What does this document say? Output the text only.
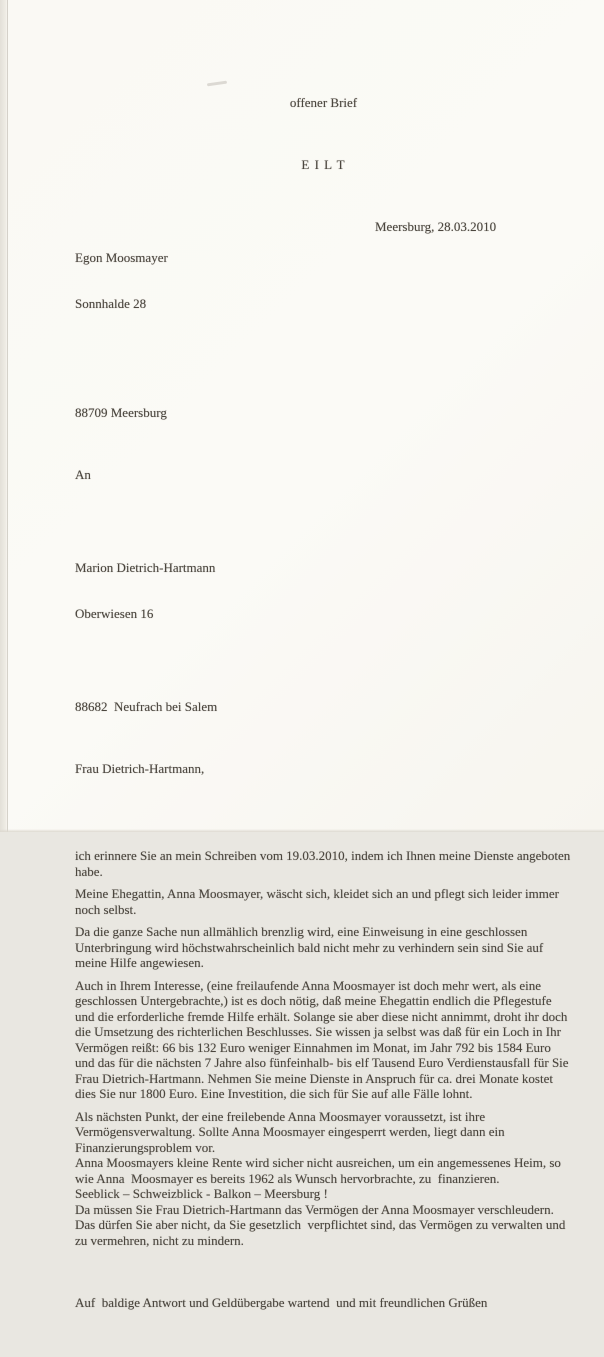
offener Brief

E I L T

Egon Moosmayer

Sonnhalde 28

Meersburg, 28.03.2010

88709 Meersburg

An

Marion Dietrich-Hartmann

Oberwiesen 16

88682  Neufrach bei Salem

Frau Dietrich-Hartmann,

ich erinnere Sie an mein Schreiben vom 19.03.2010, indem ich Ihnen meine Dienste angeboten habe.

Meine Ehegattin, Anna Moosmayer, wäscht sich, kleidet sich an und pflegt sich leider immer noch selbst.

Da die ganze Sache nun allmählich brenzlig wird, eine Einweisung in eine geschlossen Unterbringung wird höchstwahrscheinlich bald nicht mehr zu verhindern sein sind Sie auf meine Hilfe angewiesen.

Auch in Ihrem Interesse, (eine freilaufende Anna Moosmayer ist doch mehr wert, als eine geschlossen Untergebrachte,) ist es doch nötig, daß meine Ehegattin endlich die Pflegestufe und die erforderliche fremde Hilfe erhält. Solange sie aber diese nicht annimmt, droht ihr doch die Umsetzung des richterlichen Beschlusses. Sie wissen ja selbst was daß für ein Loch in Ihr Vermögen reißt: 66 bis 132 Euro weniger Einnahmen im Monat, im Jahr 792 bis 1584 Euro und das für die nächsten 7 Jahre also fünfeinhalb- bis elf Tausend Euro Verdienstausfall für Sie Frau Dietrich-Hartmann. Nehmen Sie meine Dienste in Anspruch für ca. drei Monate kostet dies Sie nur 1800 Euro. Eine Investition, die sich für Sie auf alle Fälle lohnt.

Als nächsten Punkt, der eine freilebende Anna Moosmayer voraussetzt, ist ihre Vermögensverwaltung. Sollte Anna Moosmayer eingesperrt werden, liegt dann ein Finanzierungsproblem vor.

Anna Moosmayers kleine Rente wird sicher nicht ausreichen, um ein angemessenes Heim, so wie Anna  Moosmayer es bereits 1962 als Wunsch hervorbrachte, zu  finanzieren.

Seeblick – Schweizblick - Balkon – Meersburg !

Da müssen Sie Frau Dietrich-Hartmann das Vermögen der Anna Moosmayer verschleudern.

Das dürfen Sie aber nicht, da Sie gesetzlich  verpflichtet sind, das Vermögen zu verwalten und zu vermehren, nicht zu mindern.

Auf  baldige Antwort und Geldübergabe wartend  und mit freundlichen Grüßen
